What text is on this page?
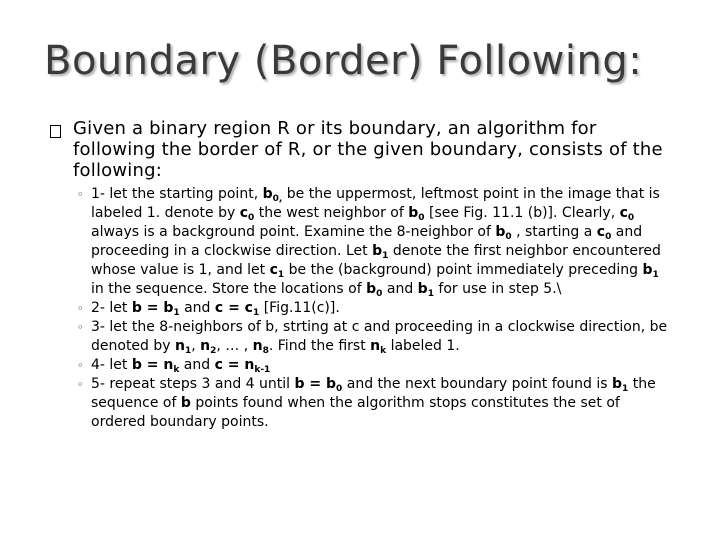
Boundary (Border) Following:
Given a binary region R or its boundary, an algorithm for following the border of R, or the given boundary, consists of the following:
◦ 1- let the starting point, $b_{0,}$ be the uppermost, leftmost point in the image that is labeled 1. denote by $c_0$ the west neighbor of $b_0$ [see Fig. 11.1 (b)]. Clearly, $c_0$ always is a background point. Examine the 8-neighbor of $b_0$ , starting a $c_0$ and proceeding in a clockwise direction. Let $b_1$ denote the first neighbor encountered whose value is 1, and let $c_1$ be the (background) point immediately preceding $b_1$ in the sequence. Store the locations of $b_0$ and $b_1$ for use in step 5.\
◦ 2- let $b = b_1$ and $c = c_1$ [Fig.11(c)].
◦ 3- let the 8-neighbors of b, strting at c and proceeding in a clockwise direction, be denoted by $n_1$, $n_2$, … , $n_8$. Find the first $n_k$ labeled 1.
◦ 4- let $b = n_k$ and $c = n_{k-1}$
◦ 5- repeat steps 3 and 4 until $b = b_0$ and the next boundary point found is $b_1$ the sequence of b points found when the algorithm stops constitutes the set of ordered boundary points.
